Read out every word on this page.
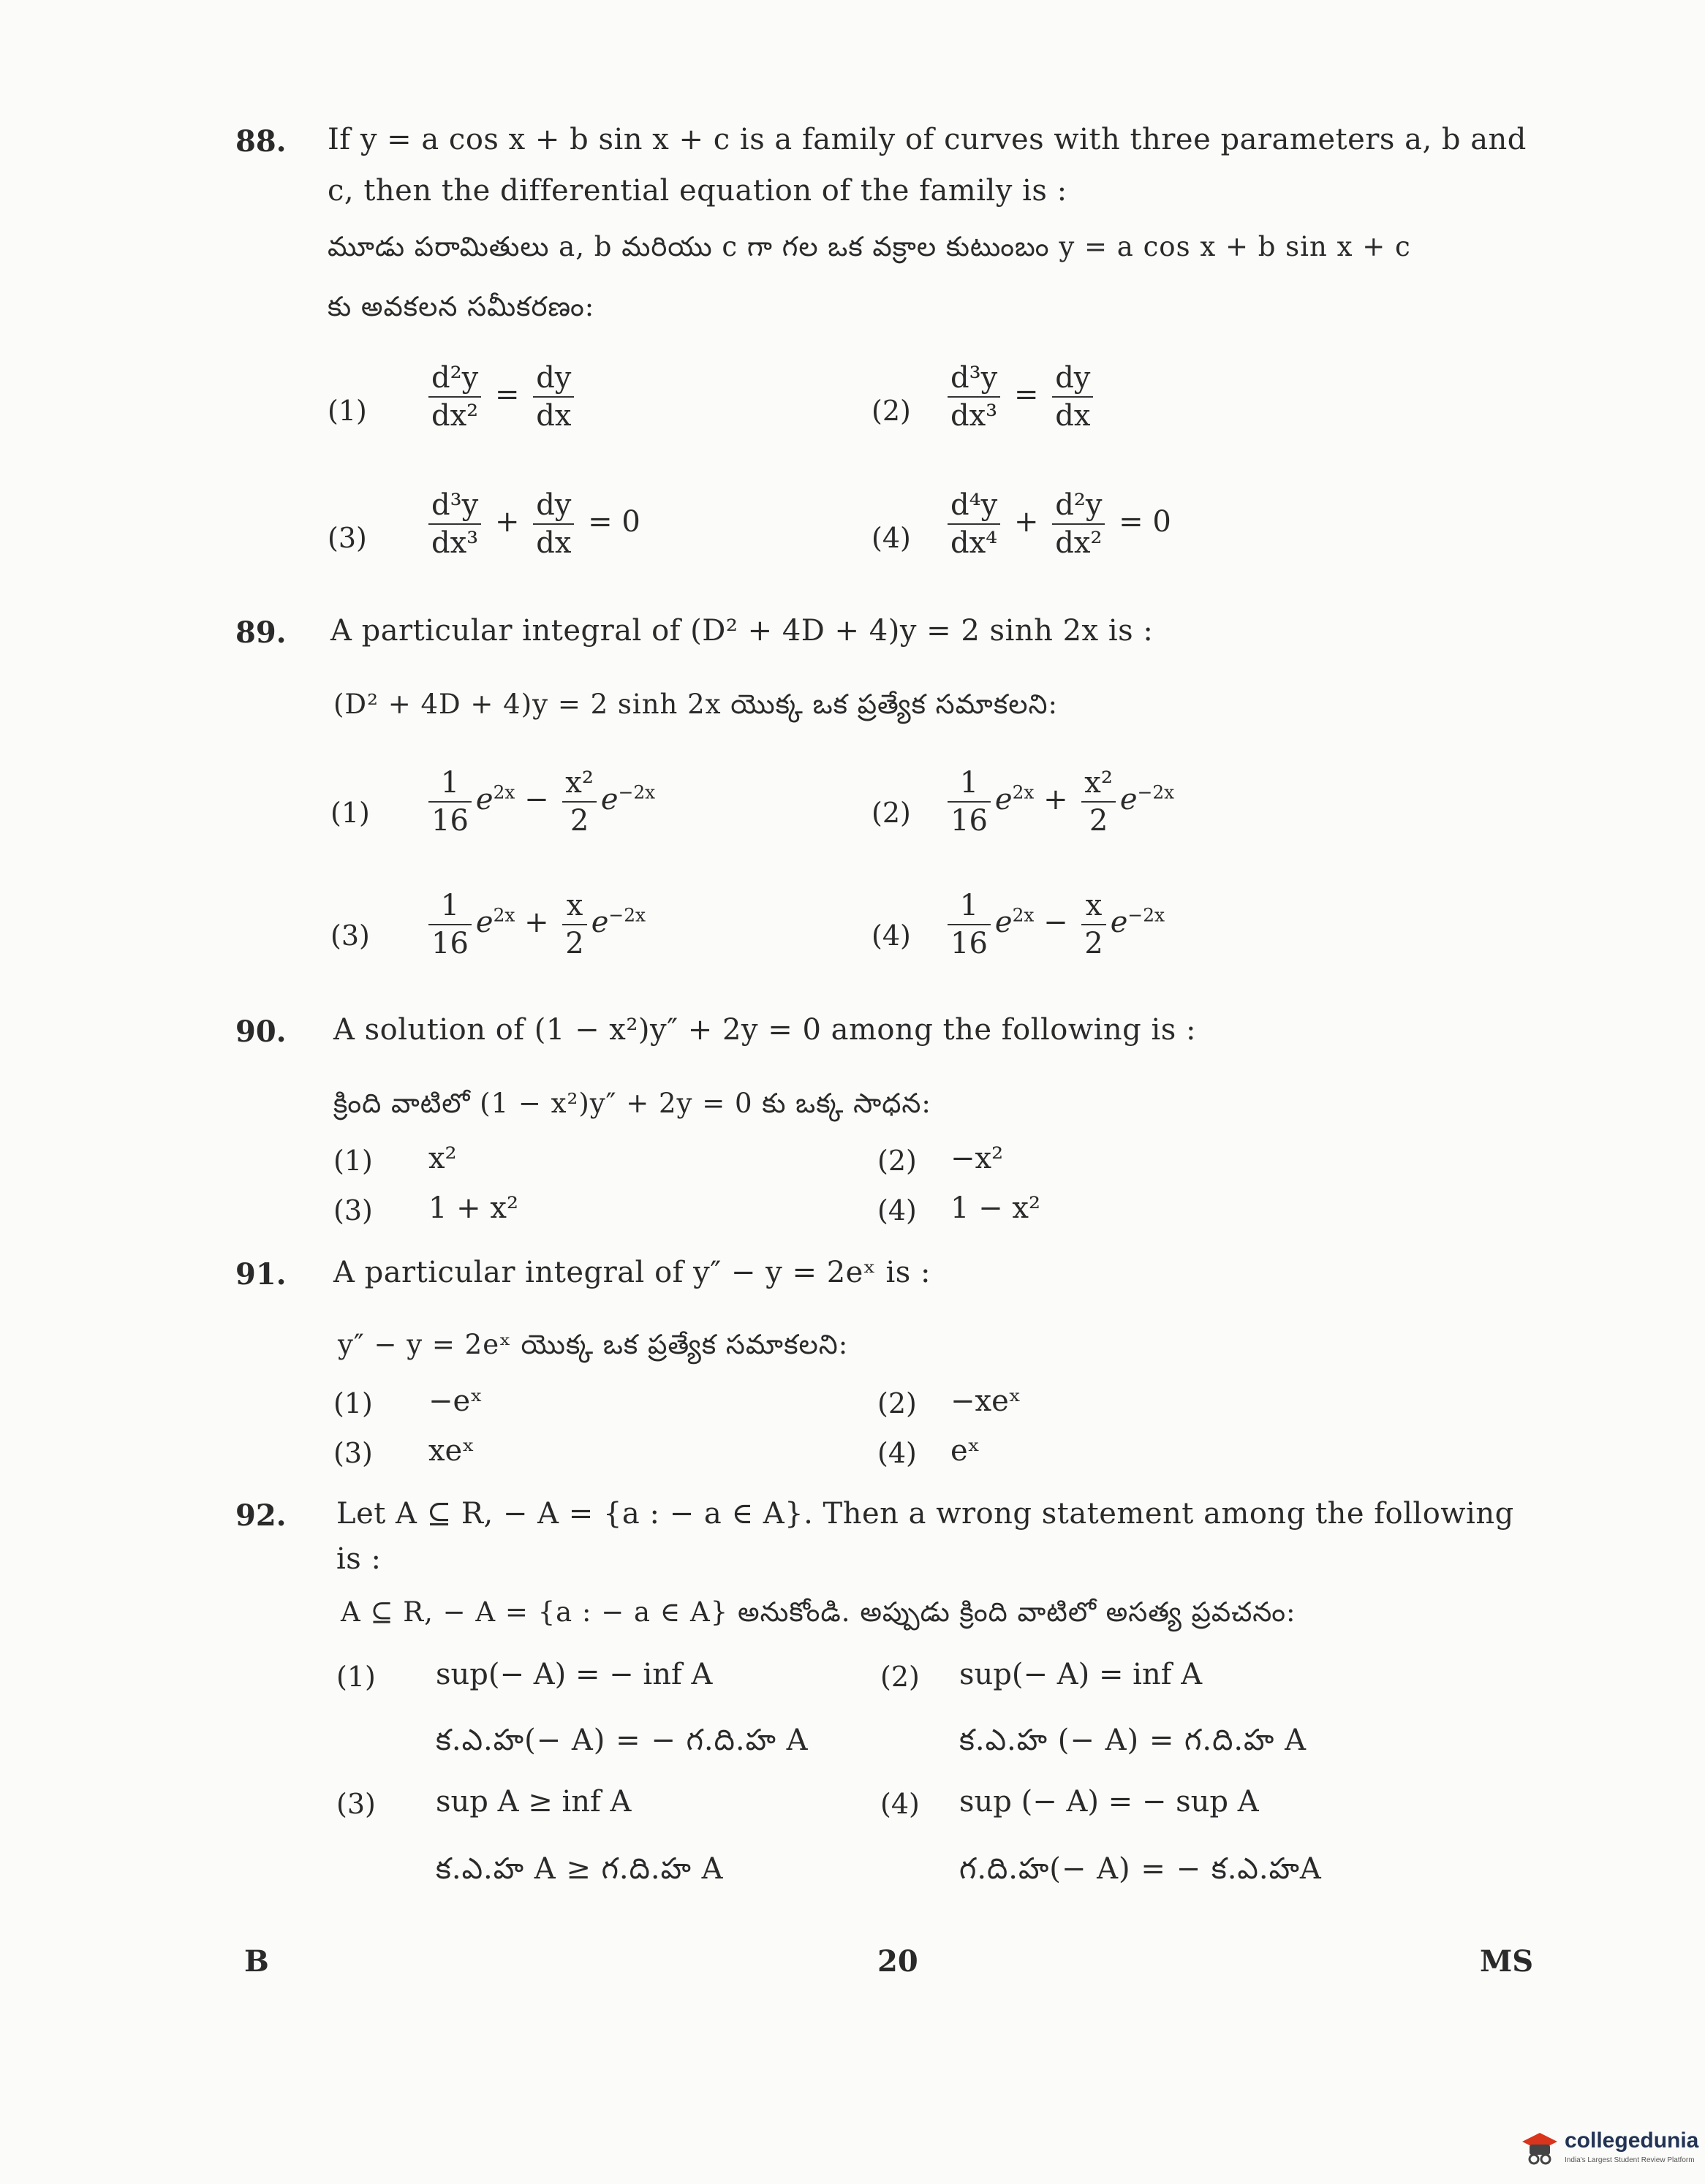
88. If y = a cos x + b sin x + c is a family of curves with three parameters a, b and
c, then the differential equation of the family is :
మూడు పరామితులు a, b మరియు c గా గల ఒక వక్రాల కుటుంబం y = a cos x + b sin x + c
కు అవకలన సమీకరణం:
$(1) \frac{\text{d²y}}{\text{dx²}} = \frac{dy}{dx}$	$(2) \frac{\text{d³y}}{\text{dx³}} = \frac{dy}{dx}$
$(3) \frac{\text{d³y}}{\text{dx³}} + \frac{dy}{dx} = 0$	$(4) \frac{\text{d⁴y}}{\text{dx⁴}} + \frac{\text{d²y}}{\text{dx²}} = 0$
89. A particular integral of (D² + 4D + 4)y = 2 sinh 2x is :
(D² + 4D + 4)y = 2 sinh 2x యొక్క ఒక ప్రత్యేక సమాకలని:
$(1) \frac{1}{16} e^{2x} - \frac{\text{x²}}{2} e^{-2x}$
$(2) \frac{1}{16} e^{2x} + \frac{\text{x²}}{2} e^{-2x}$
$(3) \frac{1}{16} e^{2x} + \frac{x}{2} e^{-2x}$
$(4) \frac{1}{16} e^{2x} - \frac{x}{2} e^{-2x}$
90. A solution of (1 − x²)y″ + 2y = 0 among the following is :
క్రింది వాటిలో (1 − x²)y″ + 2y = 0 కు ఒక్క సాధన:
(1) x²	(2) −x²
(3) 1 + x²	(4) 1 − x²
91. A particular integral of y″ − y = 2eˣ is :
y″ − y = 2eˣ యొక్క ఒక ప్రత్యేక సమాకలని:
(1) −eˣ	(2) −xeˣ
(3) xeˣ	(4) eˣ
92. Let A ⊆ R, − A = {a : − a ∈ A}. Then a wrong statement among the following
is :
A ⊆ R, − A = {a : − a ∈ A} అనుకోండి. అప్పుడు క్రింది వాటిలో అసత్య ప్రవచనం:
(1) sup(− A) = − inf A
క.ఎ.హ(− A) = − గ.ది.హ A
(2) sup(− A) = inf A
క.ఎ.హ (− A) = గ.ది.హ A
(3) sup A ≥ inf A
క.ఎ.హ A ≥ గ.ది.హ A
(4) sup (− A) = − sup A
గ.ది.హ(− A) = − క.ఎ.హA
B	20	MS
collegedunia
India's Largest Student Review Platform
